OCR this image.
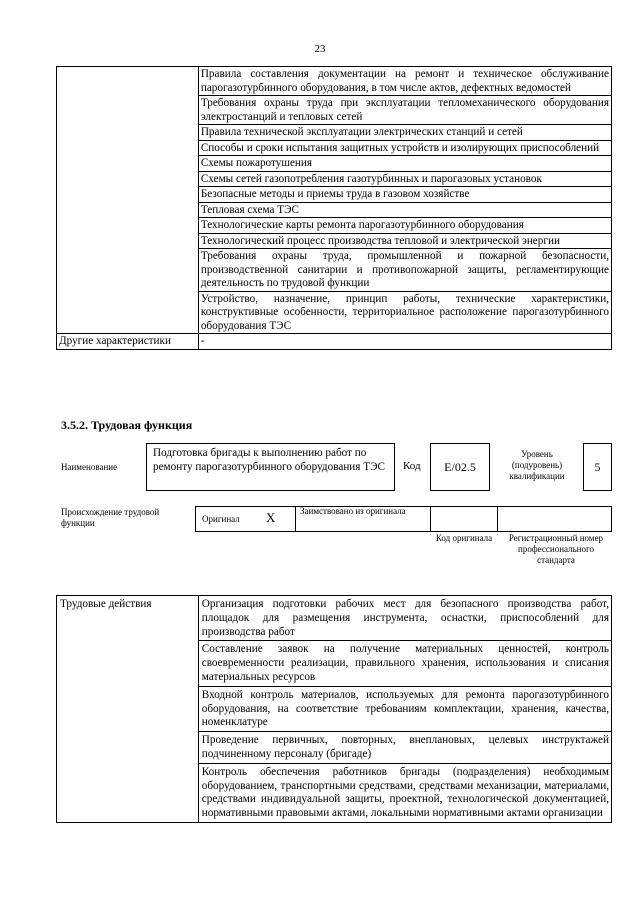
23
	Правила составления документации на ремонт и техническое обслуживание парогазотурбинного оборудования, в том числе актов, дефектных ведомостей
	Требования охраны труда при эксплуатации тепломеханического оборудования электростанций и тепловых сетей
	Правила технической эксплуатации электрических станций и сетей
	Способы и сроки испытания защитных устройств и изолирующих приспособлений
	Схемы пожаротушения
	Схемы сетей газопотребления газотурбинных и парогазовых установок
	Безопасные методы и приемы труда в газовом хозяйстве
	Тепловая схема ТЭС
	Технологические карты ремонта парогазотурбинного оборудования
	Технологический процесс производства тепловой и электрической энергии
	Требования охраны труда, промышленной и пожарной безопасности, производственной санитарии и противопожарной защиты, регламентирующие деятельность по трудовой функции
	Устройство, назначение, принцип работы, технические характеристики, конструктивные особенности, территориальное расположение парогазотурбинного оборудования ТЭС
Другие характеристики	-
3.5.2. Трудовая функция
Наименование
Подготовка бригады к выполнению работ по ремонту парогазотурбинного оборудования ТЭС	Код E/02.5
Уровень (подуровень) квалификации
5
Происхождение трудовой функции	Оригинал X	Заимствовано из оригинала
Код оригинала	Регистрационный номер профессионального стандарта
Трудовые действия	Организация подготовки рабочих мест для безопасного производства работ, площадок для размещения инструмента, оснастки, приспособлений для производства работ
Составление заявок на получение материальных ценностей, контроль своевременности реализации, правильного хранения, использования и списания материальных ресурсов
Входной контроль материалов, используемых для ремонта парогазотурбинного оборудования, на соответствие требованиям комплектации, хранения, качества, номенклатуре
Проведение первичных, повторных, внеплановых, целевых инструктажей подчиненному персоналу (бригаде)
Контроль обеспечения работников бригады (подразделения) необходимым оборудованием, транспортными средствами, средствами механизации, материалами, средствами индивидуальной защиты, проектной, технологической документацией, нормативными правовыми актами, локальными нормативными актами организации
